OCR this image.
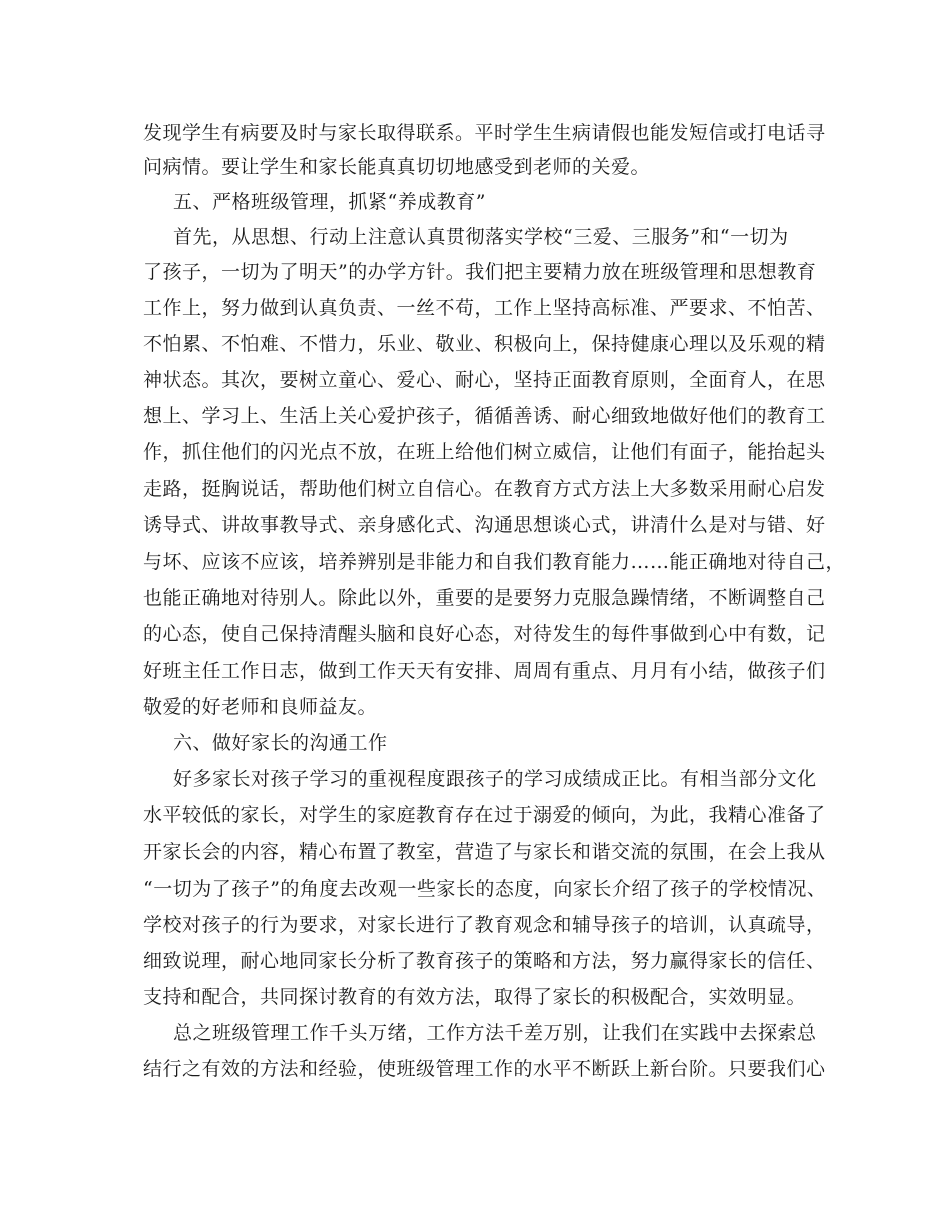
发现学生有病要及时与家长取得联系。平时学生生病请假也能发短信或打电话寻
问病情。要让学生和家长能真真切切地感受到老师的关爱。
五、严格班级管理，抓紧“养成教育”
首先，从思想、行动上注意认真贯彻落实学校“三爱、三服务”和“一切为
了孩子，一切为了明天”的办学方针。我们把主要精力放在班级管理和思想教育
工作上，努力做到认真负责、一丝不苟，工作上坚持高标准、严要求、不怕苦、
不怕累、不怕难、不惜力，乐业、敬业、积极向上，保持健康心理以及乐观的精
神状态。其次，要树立童心、爱心、耐心，坚持正面教育原则，全面育人，在思
想上、学习上、生活上关心爱护孩子，循循善诱、耐心细致地做好他们的教育工
作，抓住他们的闪光点不放，在班上给他们树立威信，让他们有面子，能抬起头
走路，挺胸说话，帮助他们树立自信心。在教育方式方法上大多数采用耐心启发
诱导式、讲故事教导式、亲身感化式、沟通思想谈心式，讲清什么是对与错、好
与坏、应该不应该，培养辨别是非能力和自我们教育能力……能正确地对待自己，
也能正确地对待别人。除此以外，重要的是要努力克服急躁情绪，不断调整自己
的心态，使自己保持清醒头脑和良好心态，对待发生的每件事做到心中有数，记
好班主任工作日志，做到工作天天有安排、周周有重点、月月有小结，做孩子们
敬爱的好老师和良师益友。
六、做好家长的沟通工作
好多家长对孩子学习的重视程度跟孩子的学习成绩成正比。有相当部分文化
水平较低的家长，对学生的家庭教育存在过于溺爱的倾向，为此，我精心准备了
开家长会的内容，精心布置了教室，营造了与家长和谐交流的氛围，在会上我从
“一切为了孩子”的角度去改观一些家长的态度，向家长介绍了孩子的学校情况、
学校对孩子的行为要求，对家长进行了教育观念和辅导孩子的培训，认真疏导，
细致说理，耐心地同家长分析了教育孩子的策略和方法，努力赢得家长的信任、
支持和配合，共同探讨教育的有效方法，取得了家长的积极配合，实效明显。
总之班级管理工作千头万绪，工作方法千差万别，让我们在实践中去探索总
结行之有效的方法和经验，使班级管理工作的水平不断跃上新台阶。只要我们心
